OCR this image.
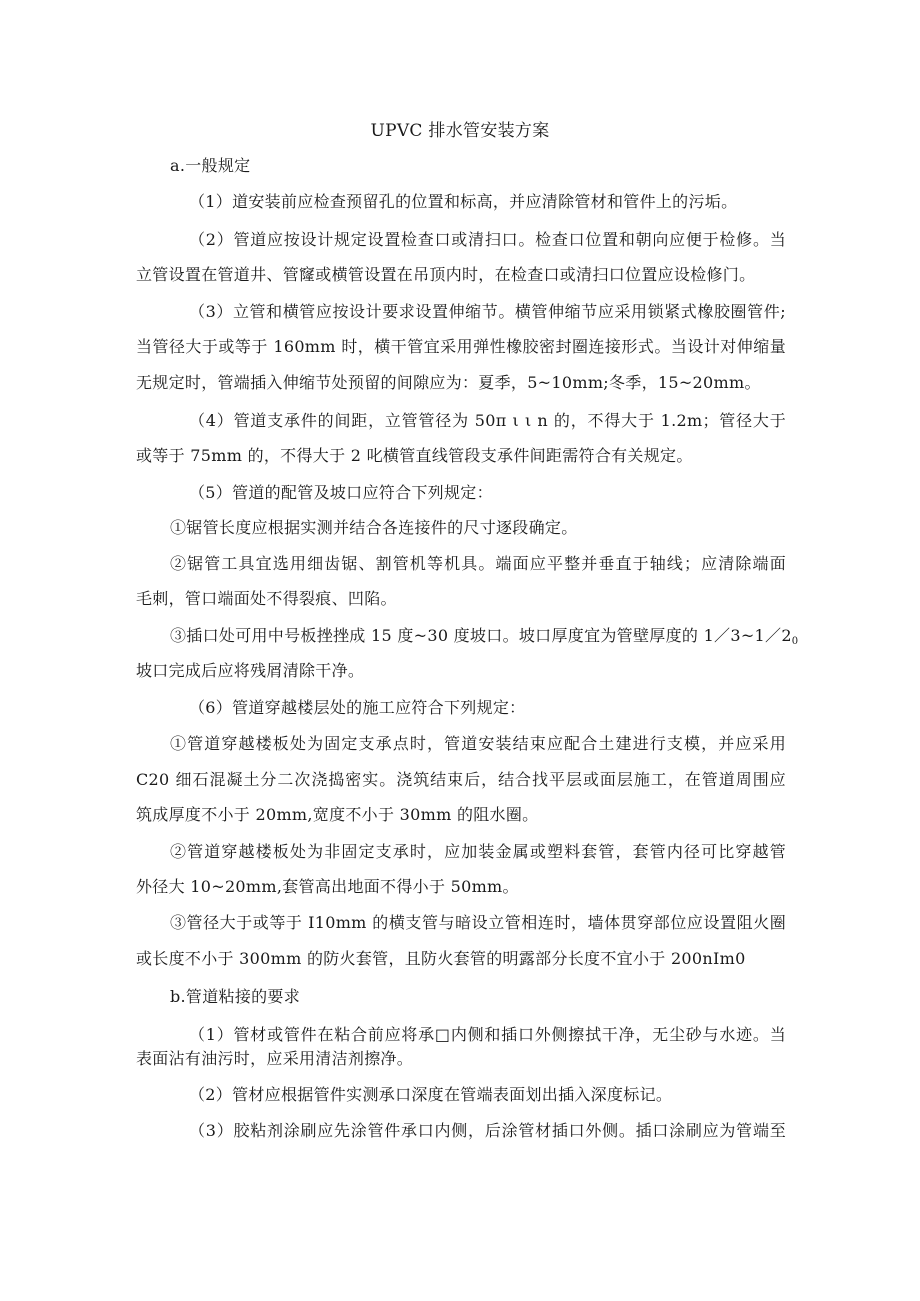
UPVC 排水管安装方案
a.一般规定
（1）道安装前应检查预留孔的位置和标高，并应清除管材和管件上的污垢。
（2）管道应按设计规定设置检查口或清扫口。检查口位置和朝向应便于检修。当
立管设置在管道井、管窿或横管设置在吊顶内时，在检查口或清扫口位置应设检修门。
（3）立管和横管应按设计要求设置伸缩节。横管伸缩节应采用锁紧式橡胶圈管件;
当管径大于或等于 160mm 时，横干管宜采用弹性橡胶密封圈连接形式。当设计对伸缩量
无规定时，管端插入伸缩节处预留的间隙应为：夏季，5~10mm;冬季，15~20mm。
（4）管道支承件的间距，立管管径为 50π ι ι n 的，不得大于 1.2m；管径大于
或等于 75mm 的，不得大于 2 叱横管直线管段支承件间距需符合有关规定。
（5）管道的配管及坡口应符合下列规定：
①锯管长度应根据实测并结合各连接件的尺寸逐段确定。
②锯管工具宜选用细齿锯、割管机等机具。端面应平整并垂直于轴线；应清除端面
毛刺，管口端面处不得裂痕、凹陷。
③插口处可用中号板挫挫成 15 度~30 度坡口。坡口厚度宜为管壁厚度的 $1/3\sim 1/2_0$
坡口完成后应将残屑清除干净。
（6）管道穿越楼层处的施工应符合下列规定：
①管道穿越楼板处为固定支承点时，管道安装结束应配合土建进行支模，并应采用
C20 细石混凝土分二次浇捣密实。浇筑结束后，结合找平层或面层施工，在管道周围应
筑成厚度不小于 20mm,宽度不小于 30mm 的阻水圈。
②管道穿越楼板处为非固定支承时，应加装金属或塑料套管，套管内径可比穿越管
外径大 10~20mm,套管高出地面不得小于 50mm。
③管径大于或等于 I10mm 的横支管与暗设立管相连时，墙体贯穿部位应设置阻火圈
或长度不小于 300mm 的防火套管，且防火套管的明露部分长度不宜小于 200nIm0
b.管道粘接的要求
（1）管材或管件在粘合前应将承□内侧和插口外侧擦拭干净，无尘砂与水迹。当
表面沾有油污时，应采用清洁剂擦净。
（2）管材应根据管件实测承口深度在管端表面划出插入深度标记。
（3）胶粘剂涂刷应先涂管件承口内侧，后涂管材插口外侧。插口涂刷应为管端至
